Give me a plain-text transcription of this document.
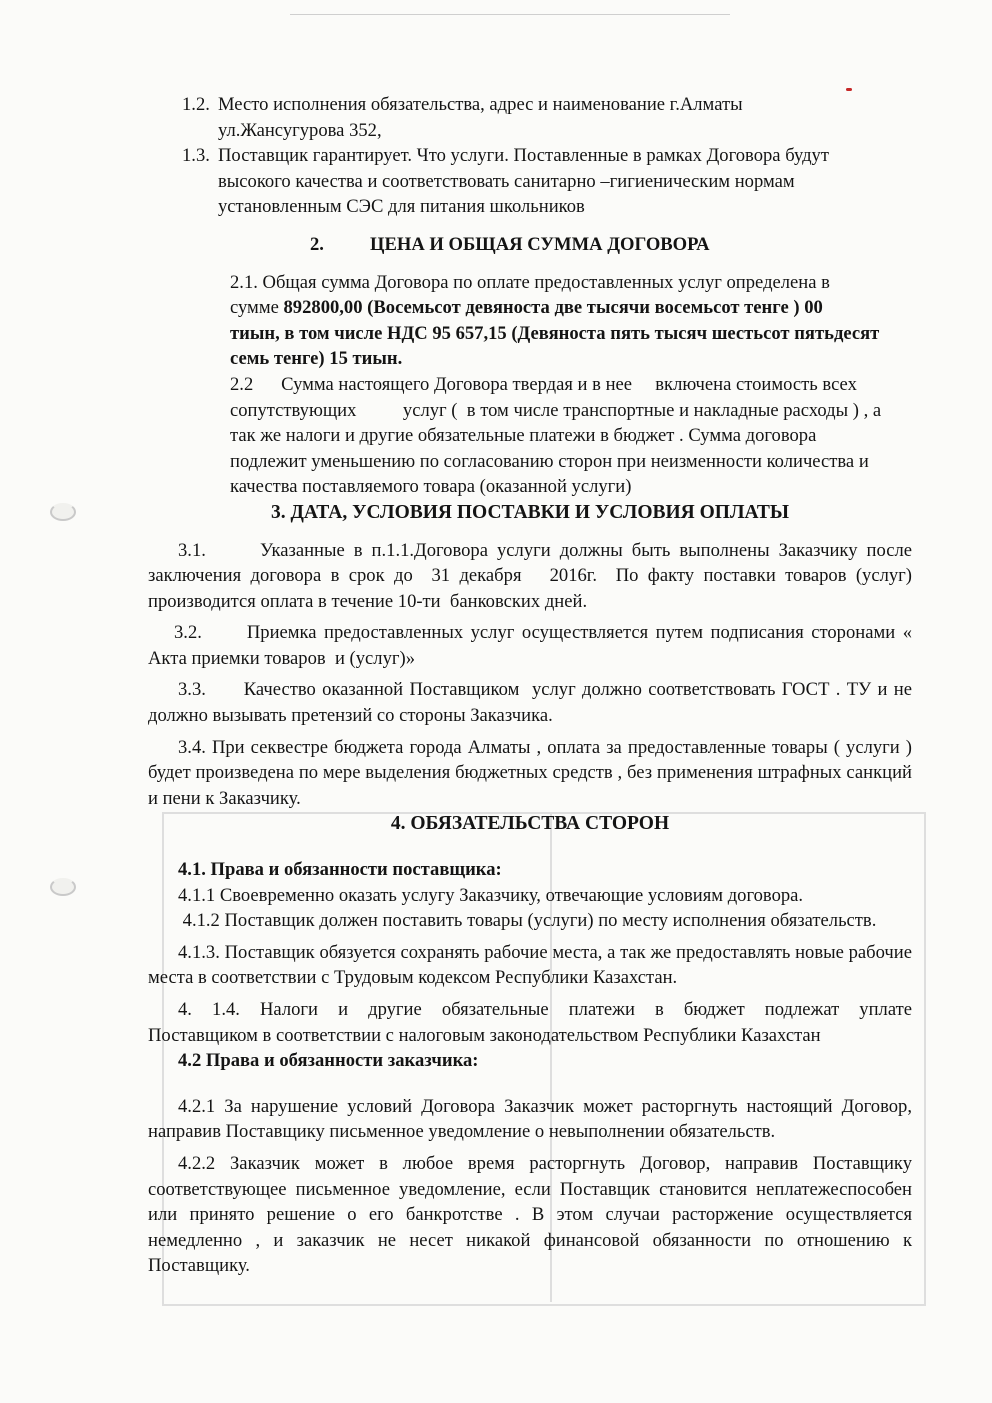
1.2. Место исполнения обязательства, адрес и наименование г.Алматы

ул.Жансугурова 352,

1.3. Поставщик гарантирует. Что услуги. Поставленные в рамках Договора будут

высокого качества и соответствовать санитарно –гигиеническим нормам

установленным СЭС для питания школьников

2. ЦЕНА И ОБЩАЯ СУММА ДОГОВОРА

2.1. Общая сумма Договора по оплате предоставленных услуг определена в

сумме 892800,00 (Восемьсот девяноста две тысячи восемьсот тенге ) 00

тиын, в том числе НДС 95 657,15 (Девяноста пять тысяч шестьсот пятьдесят

семь тенге) 15 тиын.

2.2      Сумма настоящего Договора твердая и в нее     включена стоимость всех

сопутствующих          услуг (  в том числе транспортные и накладные расходы ) , а

так же налоги и другие обязательные платежи в бюджет . Сумма договора

подлежит уменьшению по согласованию сторон при неизменности количества и

качества поставляемого товара (оказанной услуги)

3. ДАТА, УСЛОВИЯ ПОСТАВКИ И УСЛОВИЯ ОПЛАТЫ

3.1.      Указанные в п.1.1.Договора услуги должны быть выполнены Заказчику после заключения договора в срок до  31 декабря   2016г.  По факту поставки товаров (услуг) производится оплата в течение 10-ти  банковских дней.

3.2.      Приемка предоставленных услуг осуществляется путем подписания сторонами « Акта приемки товаров  и (услуг)»

3.3.      Качество оказанной Поставщиком  услуг должно соответствовать ГОСТ . ТУ и не должно вызывать претензий со стороны Заказчика.

3.4. При секвестре бюджета города Алматы , оплата за предоставленные товары ( услуги ) будет произведена по мере выделения бюджетных средств , без применения штрафных санкций и пени к Заказчику.

4. ОБЯЗАТЕЛЬСТВА СТОРОН

4.1. Права и обязанности поставщика:

4.1.1 Своевременно оказать услугу Заказчику, отвечающие условиям договора.

4.1.2 Поставщик должен поставить товары (услуги) по месту исполнения обязательств.

4.1.3. Поставщик обязуется сохранять рабочие места, а так же предоставлять новые рабочие места в соответствии с Трудовым кодексом Республики Казахстан.

4.  1.4.  Налоги  и  другие  обязательные  платежи  в  бюджет  подлежат  уплате Поставщиком в соответствии с налоговым законодательством Республики Казахстан

4.2 Права и обязанности заказчика:

4.2.1 За нарушение условий Договора Заказчик может расторгнуть настоящий Договор, направив Поставщику письменное уведомление о невыполнении обязательств.

4.2.2 Заказчик может в любое время расторгнуть Договор, направив Поставщику соответствующее письменное уведомление, если Поставщик становится неплатежеспособен или принято решение о его банкротстве . В этом случаи расторжение осуществляется немедленно , и заказчик не несет никакой финансовой обязанности по отношению к Поставщику.
